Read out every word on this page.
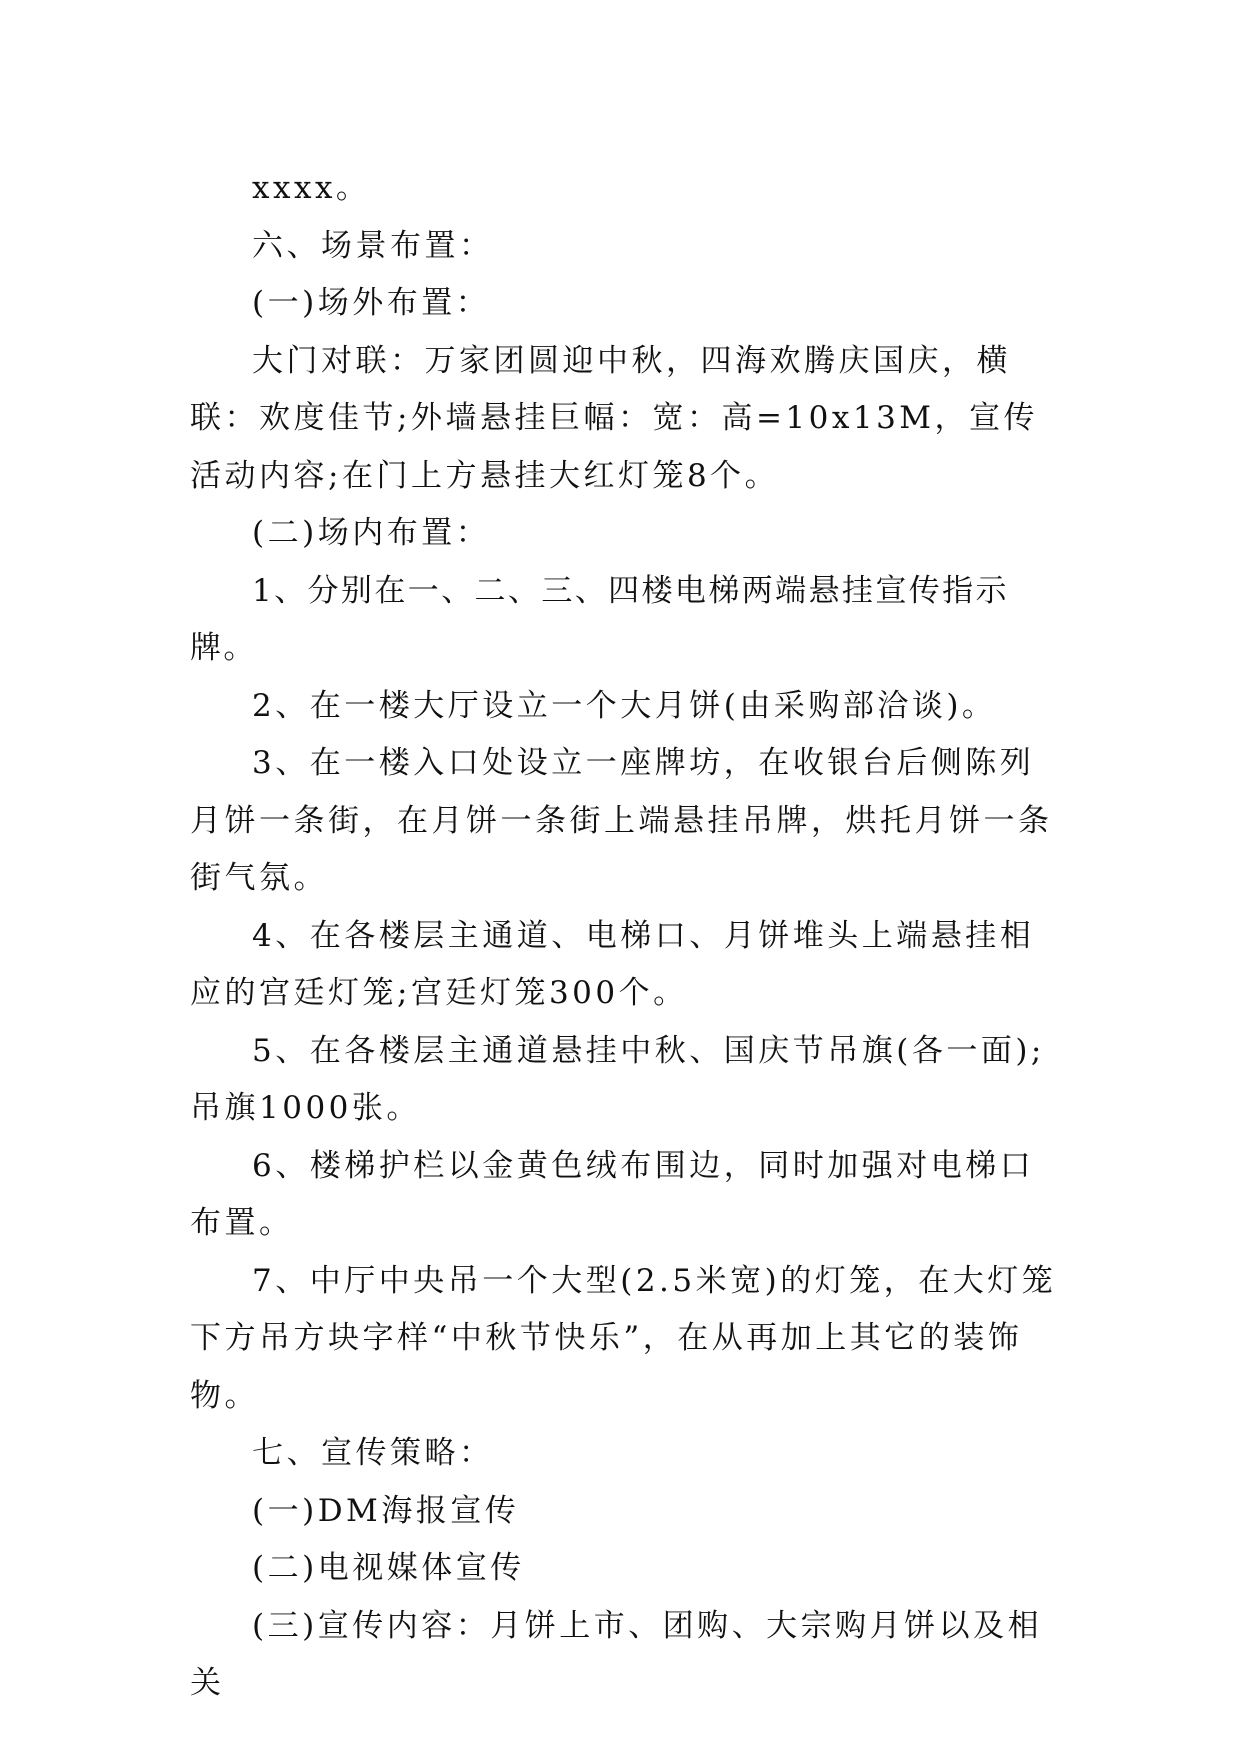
xxxx。

六、场景布置：

(一)场外布置：

大门对联：万家团圆迎中秋，四海欢腾庆国庆，横联：欢度佳节;外墙悬挂巨幅：宽：高=10x13M，宣传活动内容;在门上方悬挂大红灯笼8个。

(二)场内布置：

1、分别在一、二、三、四楼电梯两端悬挂宣传指示牌。

2、在一楼大厅设立一个大月饼(由采购部洽谈)。

3、在一楼入口处设立一座牌坊，在收银台后侧陈列月饼一条街，在月饼一条街上端悬挂吊牌，烘托月饼一条街气氛。

4、在各楼层主通道、电梯口、月饼堆头上端悬挂相应的宫廷灯笼;宫廷灯笼300个。

5、在各楼层主通道悬挂中秋、国庆节吊旗(各一面);吊旗1000张。

6、楼梯护栏以金黄色绒布围边，同时加强对电梯口布置。

7、中厅中央吊一个大型(2.5米宽)的灯笼，在大灯笼下方吊方块字样“中秋节快乐”，在从再加上其它的装饰物。

七、宣传策略：

(一)DM海报宣传

(二)电视媒体宣传

(三)宣传内容：月饼上市、团购、大宗购月饼以及相关
